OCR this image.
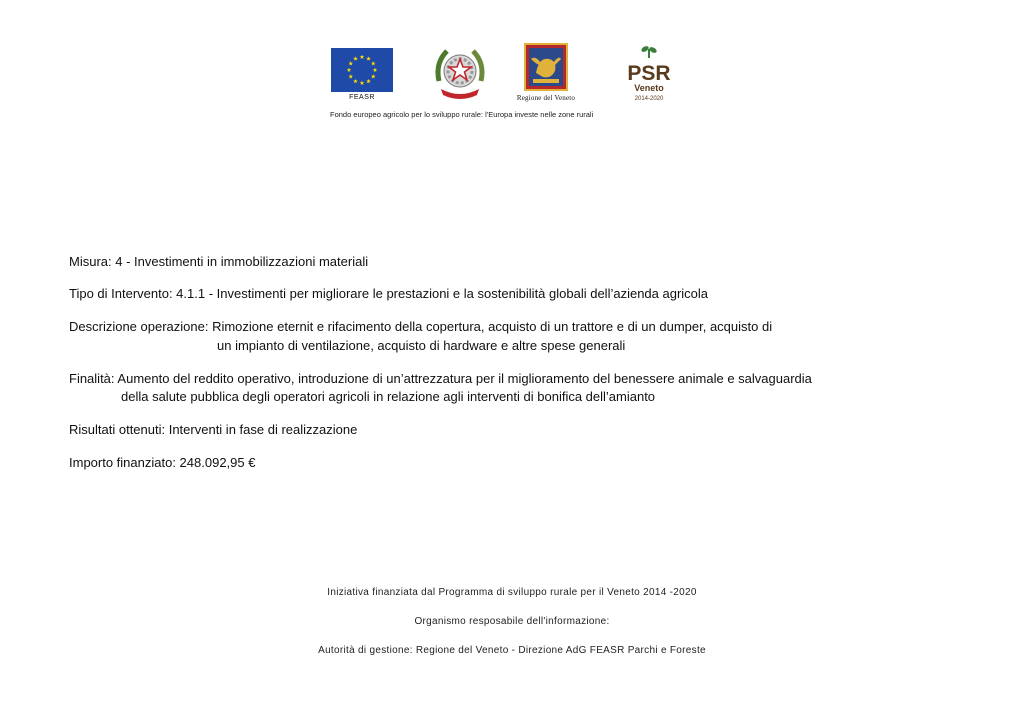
FEASR	Regione del Veneto
PSR
Veneto
2014-2020
Fondo europeo agricolo per lo sviluppo rurale: l'Europa investe nelle zone rurali
Misura: 4 - Investimenti in immobilizzazioni materiali
Tipo di Intervento: 4.1.1 - Investimenti per migliorare le prestazioni e la sostenibilità globali dell’azienda agricola
Descrizione operazione: Rimozione eternit e rifacimento della copertura, acquisto di un trattore e di un dumper, acquisto di
un impianto di ventilazione, acquisto di hardware e altre spese generali
Finalità: Aumento del reddito operativo, introduzione di un’attrezzatura per il miglioramento del benessere animale e salvaguardia
della salute pubblica degli operatori agricoli in relazione agli interventi di bonifica dell’amianto
Risultati ottenuti: Interventi in fase di realizzazione
Importo finanziato: 248.092,95 €
Iniziativa finanziata dal Programma di sviluppo rurale per il Veneto 2014 -2020
Organismo resposabile dell'informazione:
Autorità di gestione: Regione del Veneto - Direzione AdG FEASR Parchi e Foreste
